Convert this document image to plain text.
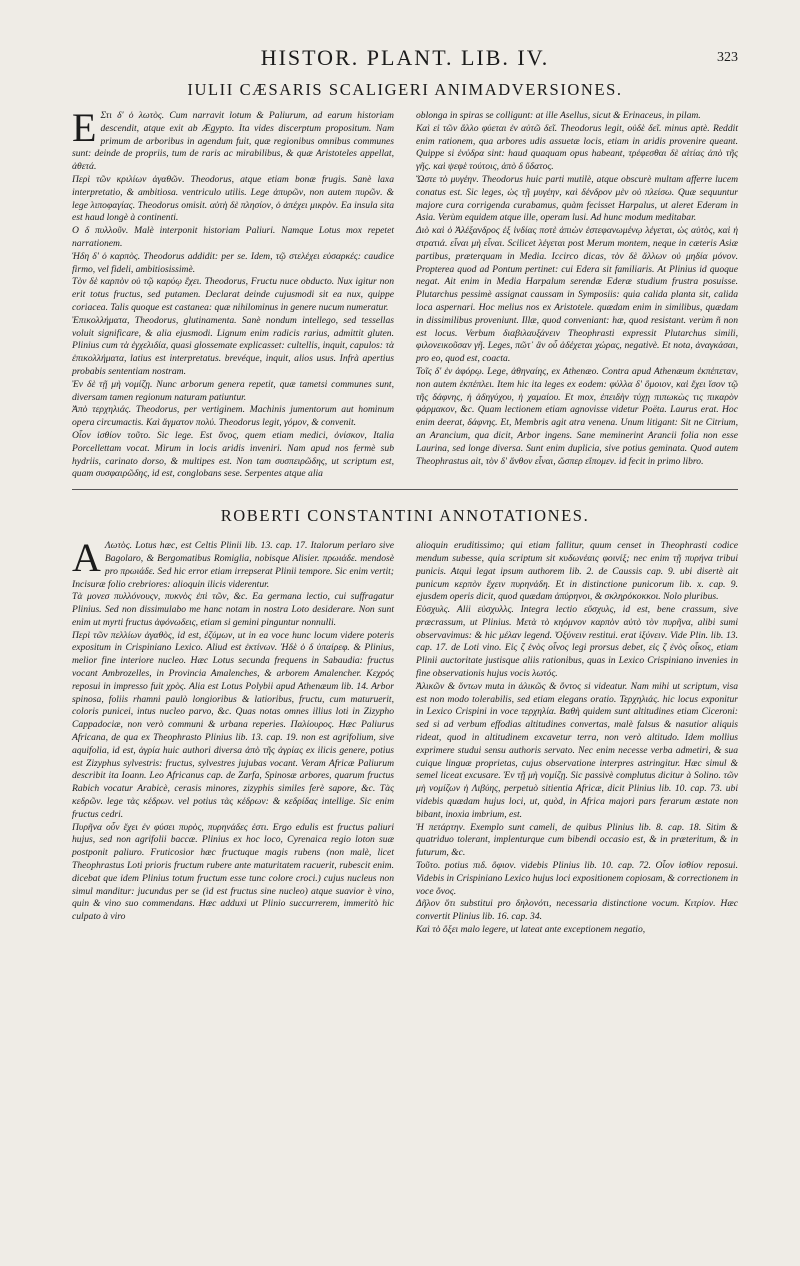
HISTOR. PLANT. LIB. IV.	323
IULII CÆSARIS SCALIGERI ANIMADVERSIONES.
E Στι δ' ὁ λωτὸς. Cum narravit lotum & Paliurum, ad earum historiam descendit, atque exit ab Ægypto. Ita vides discerptum propositum. Nam primum de arboribus in agendum fuit, quæ regionibus omnibus communes sunt: deinde de propriis, tum de raris ac mirabilibus, & quæ Aristoteles appellat, ἀθετά.

Περὶ τῶν κριλίων ἀγαθῶν. Theodorus, atque etiam bonæ frugis. Sanè laxa interpretatio, & ambitiosa. ventriculo utilis. Lege ἀπυρῶν, non autem πυρῶν. & lege λιποφαγίας. Theodorus omisit. αὐτὴ δὲ πλησίον, ὁ ἀπέχει μικρὸν. Ea insula sita est haud longè à continenti.

Ο δ πυλλοῦν. Malè interponit historiam Paliuri. Namque Lotus mox repetet narrationem.

Ἡδη δ' ὁ καρπὸς. Theodorus addidit: per se. Idem, τῷ στελέχει εὐσαρκές: caudice firmo, vel fideli, ambitiosissimè.

Τὸν δὲ καρπὸν οὐ τῷ καρύῳ ἔχει. Theodorus, Fructu nuce obducto. Nux igitur non erit totus fructus, sed putamen. Declarat deinde cujusmodi sit ea nux, quippe coriacea. Talis quoque est castanea: quæ nihilominus in genere nucum numeratur.

Ἐπικολλήματα, Theodorus, glutinamenta. Sanè nondum intellego, sed tessellas voluit significare, & alia ejusmodi. Lignum enim radicis rarius, admittit gluten. Plinius cum τὰ ἐγχελιδία, quasi glossemate explicasset: cultellis, inquit, capulos: τὰ ἐπικολλήματα, latius est interpretatus. brevéque, inquit, alios usus. Infrà apertius probabis sententiam nostram.

Ἐν δὲ τῇ μὴ νομίζῃ. Nunc arborum genera repetit, quæ tametsi communes sunt, diversam tamen regionum naturam patiuntur.

Ἀπὸ τερχηλιάς. Theodorus, per vertiginem. Machinis jumentorum aut hominum opera circumactis. Καὶ ἅγματον πολύ. Theodorus legit, γόμον, & convenit.

Οἷον ἰσθίον τοῦτο. Sic lege. Est ὄνος, quem etiam medici, ὀνίσκον, Italia Porcellettam vocat. Mirum in locis aridis inveniri. Nam apud nos fermè sub hydriis, carinato dorso, & multipes est. Non tam συσπειρῶδης, ut scriptum est, quam συσφαιρῶδης, id est, conglobans sese. Serpentes atque alia

oblonga in spiras se colligunt: at ille Asellus, sicut & Erinaceus, in pilam.

Καὶ εἰ τῶν ἄλλο φύεται ἐν αὐτῶ δεῖ. Theodorus legit, οὐδὲ δεῖ. minus aptè. Reddit enim rationem, qua arbores udis assuetæ locis, etiam in aridis provenire queant. Quippe si ἐνύδρα sint: haud quaquam opus habeant, τρέφεσθαι δὲ αἰτίας ἀπὸ τῆς γῆς. καὶ ψεφὲ τούτοις, ἀπὸ δ ὕδατος.

Ὥστε τὸ μυγέην. Theodorus huic parti mutilè, atque obscurè multam afferre lucem conatus est. Sic leges, ὡς τῇ μυγέην, καὶ δένδρον μὲν οὐ πλείσω. Quæ sequuntur majore cura corrigenda curabamus, quàm fecisset Harpalus, ut aleret Ederam in Asia. Verùm equidem atque ille, operam lusi. Ad hunc modum meditabar.

Διὸ καὶ ὁ Ἀλέξανδρος ἐξ ἰνδίας ποτὲ ἀπιὼν ἐστεφανωμένῳ λέγεται, ὡς αὐτὸς, καὶ ἡ στρατιά. εἶναι μὴ εἶναι. Scilicet λέγεται post Merum montem, neque in cæteris Asiæ partibus, præterquam in Media. Iccirco dicas, τὸν δὲ ἄλλων οὐ μηδία μόνον. Propterea quod ad Pontum pertinet: cui Edera sit familiaris. At Plinius id quoque negat. Ait enim in Media Harpalum serendæ Ederæ studium frustra posuisse. Plutarchus pessimè assignat caussam in Symposiis: quia calida planta sit, calida loca aspernari. Hoc melius nos ex Aristotele. quædam enim in similibus, quædam in dissimilibus proveniunt. Illæ, quod conveniant: hæ, quod resistant. verùm ñ non est locus. Verbum διαβιλαυξάνειν Theophrasti expressit Plutarchus simili, φιλονεικοῦσαν γῆ. Leges, πῶτ᾽ ἂν οὖ ἀδέχεται χώρας, negativè. Et nota, ἀναγκάσαι, pro eo, quod est, coacta.

Τοῖς δ' ἐν ἀφόρῳ. Lege, ἀθηναίης, ex Athenæo. Contra apud Athenæum ἐκπέπεταν, non autem ἐκπέπλει. Item hic ita leges ex eodem: φύλλα δ' ὅμοιον, καὶ ἔχει ἴσον τῷ τῆς δάφνης, ἡ ἀδηγύχου, ἡ χαμαίου. Et mox, ἐπειδὴν τύχῃ πιπωκὼς τις πικαρὸν φάρμακον, &c. Quam lectionem etiam agnovisse videtur Poëta. Laurus erat. Hoc enim deerat, δάφνης. Et, Membris agit atra venena. Unum litigant: Sit ne Citrium, an Arancium, qua dicit, Arbor ingens. Sane meminerint Arancii folia non esse Laurina, sed longe diversa. Sunt enim duplicia, sive potius geminata. Quod autem Theophrastus ait, τὸν δ' ἄνθον εἶναι, ὥσπερ εἴπομεν. id fecit in primo libro.

ROBERTI CONSTANTINI ANNOTATIONES.
A Λωτὸς. Lotus hæc, est Celtis Plinii lib. 13. cap. 17. Italorum perlaro sive Bagolaro, & Bergomatibus Romiglia, nobisque Alisier. πρωιάδε. mendosè pro πρωιάδε. Sed hic error etiam irrepserat Plinii tempore. Sic enim vertit; Incisuræ folio crebriores: alioquin ilicis viderentur.

Τὰ μονεσ πυλλόνουςν, πυκνὸς ἐπὶ τῶν, &c. Ea germana lectio, cui suffragatur Plinius. Sed non dissimulabo me hanc notam in nostra Loto desiderare. Non sunt enim ut myrti fructus ἀφόνωδεις, etiam si gemini pinguntur nonnulli.

Περὶ τῶν πελλίων ἀγαθὸς, id est, ἐζύμων, ut in ea voce hunc locum videre poteris expositum in Crispiniano Lexico. Aliud est ἐκτίνων. Ἠδὲ ὁ δ ὑπαίρεφ. & Plinius, melior fine interiore nucleo. Hæc Lotus secunda frequens in Sabaudia: fructus vocant Ambrozelles, in Provincia Amalenches, & arborem Amalencher. Κεχρός reposui in impresso fuit χρὸς. Alia est Lotus Polybii apud Athenæum lib. 14. Arbor spinosa, foliis rhamni paulò longioribus & latioribus, fructu, cum maturuerit, coloris punicei, intus nucleo parvo, &c. Quas notas omnes illius loti in Zizypho Cappadociæ, non verò communi & urbana reperies. Παλίουρος. Hæc Paliurus Africana, de qua ex Theophrasto Plinius lib. 13. cap. 19. non est agrifolium, sive aquifolia, id est, ἀγρία huic authori diversa ἀπὸ τῆς ἀγρίας ex ilicis genere, potius est Zizyphus sylvestris: fructus, sylvestres jujubas vocant. Veram Africæ Paliurum describit ita Ioann. Leo Africanus cap. de Zarfa, Spinosæ arbores, quarum fructus Rabich vocatur Arabicè, cerasis minores, zizyphis similes ferè sapore, &c. Τὰς κεδρῶν. lege τὰς κέδρων. vel potius τὰς κέδρων: & κεδρίδας intellige. Sic enim fructus cedri.

Πυρῆνα οὖν ἔχει ἐν φύσει πυρὸς, πυρηνάδες ἐστι. Ergo edulis est fructus paliuri hujus, sed non agrifolii baccæ. Plinius ex hoc loco, Cyrenaica regio loton suæ postponit paliuro. Fruticosior hæc fructuque magis rubens (non malè, licet Theophrastus Loti prioris fructum rubere ante maturitatem racuerit, rubescit enim. dicebat que idem Plinius totum fructum esse tunc colore croci.) cujus nucleus non simul manditur: jucundus per se (id est fructus sine nucleo) atque suavior è vino, quin & vino suo commendans. Hæc adduxi ut Plinio succurrerem, immeritò hic culpato à viro

alioquin eruditissimo; qui etiam fallitur, quum censet in Theophrasti codice mendum subesse, quia scriptum sit κυδωνέαις φοινίξ; nec enim τῇ πυρήνα tribui punicis. Atqui legat ipsum authorem lib. 2. de Caussis cap. 9. ubi disertè ait punicum κερπὸν ἔχειν πυρηνάδη. Et in distinctione punicorum lib. x. cap. 9. ejusdem operis dicit, quod quædam ἀπύρηνοι, & σκληρόκοκκοι. Nolo pluribus.

Εὐσχυλς. Alii εὐσχυλλς. Integra lectio εὔσχυλς, id est, bene crassum, sive præcrassum, ut Plinius. Μετὰ τὸ κηόμνον καρπὸν αὐτὸ τὸν πυρῆνα, alibi sumi observavimus: & hic μέλαν legend. Ὀξύνειν restitui. erat ἰξύνειν. Vide Plin. lib. 13. cap. 17. de Loti vino. Εἰς ζ ἑνὸς οἶνος legi prorsus debet, εἰς ζ ἐνὸς οἶκος, etiam Plinii auctoritate justisque aliis rationibus, quas in Lexico Crispiniano invenies in fine observationis hujus vocis λωτός.

Ἀλικῶν & ὄντων muta in ἀλικῶς & ὄντος si videatur. Nam mihi ut scriptum, visa est non modo tolerabilis, sed etiam elegans oratio. Τερχηλιάς. hic locus exponitur in Lexico Crispini in voce τερχηλία. Βαθὴ quidem sunt altitudines etiam Ciceroni: sed si ad verbum effodias altitudines convertas, malè falsus & nasutior aliquis rideat, quod in altitudinem excavetur terra, non verò altitudo. Idem mollius exprimere studui sensu authoris servato. Nec enim necesse verba admetiri, & sua cuique linguæ proprietas, cujus observatione interpres astringitur. Hæc simul & semel liceat excusare. Ἐν τῇ μὴ νομίζῃ. Sic passivè complutus dicitur à Solino. τῶν μὴ νομίζων ἡ Λιβύης, perpetuò sitientia Africæ, dicit Plinius lib. 10. cap. 73. ubi videbis quædam hujus loci, ut, quòd, in Africa majori pars ferarum æstate non bibant, inoxia imbrium, est.

Ἡ πετάρτην. Exemplo sunt cameli, de quibus Plinius lib. 8. cap. 18. Sitim & quatriduo tolerant, implenturque cum bibendi occasio est, & in præteritum, & in futurum, &c.

Τοῦτο. potius πιδ. ὅφιον. videbis Plinius lib. 10. cap. 72. Οἷον ἰσθίον reposui. Videbis in Crispiniano Lexico hujus loci expositionem copiosam, & correctionem in voce ὄνος.

Δῆλον ὅτι substitui pro δηλονότι, necessaria distinctione vocum. Κιτρίον. Hæc convertit Plinius lib. 16. cap. 34.

Καὶ τὸ ὄξει malo legere, ut lateat ante exceptionem negatio,
